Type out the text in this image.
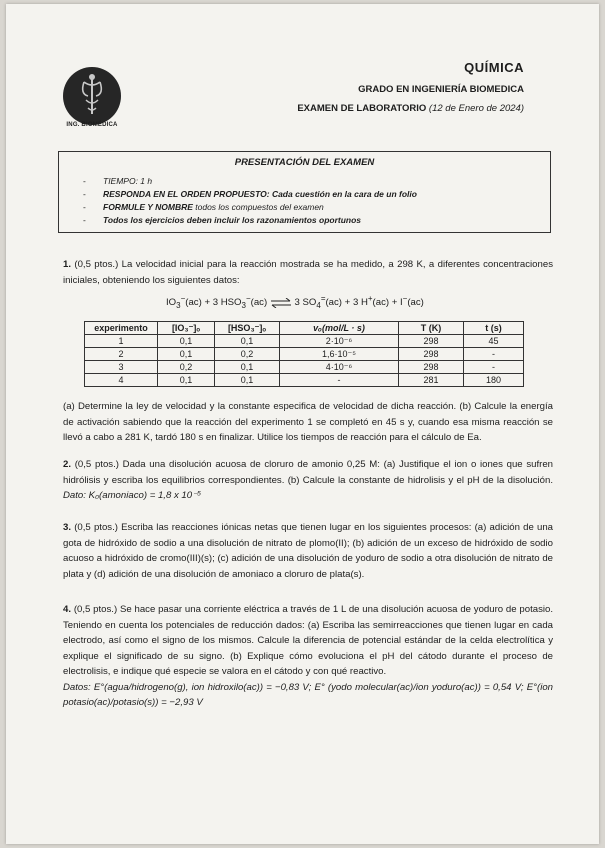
ING. BIOMÉDICA
QUÍMICA
GRADO EN INGENIERÍA BIOMEDICA
EXAMEN DE LABORATORIO (12 de Enero de 2024)
PRESENTACIÓN DEL EXAMEN
- TIEMPO: 1 h
- RESPONDA EN EL ORDEN PROPUESTO: Cada cuestión en la cara de un folio
- FORMULE Y NOMBRE todos los compuestos del examen
- Todos los ejercicios deben incluir los razonamientos oportunos
1. (0,5 ptos.) La velocidad inicial para la reacción mostrada se ha medido, a 298 K, a diferentes concentraciones iniciales, obteniendo los siguientes datos:
$IO_3^-(ac) + 3$ $HSO_3^-(ac)$ ⇌ 3 $SO_4^=(ac) + 3$ H+(ac) + I−(ac)
experimento	[IO₃⁻]ₒ	[HSO₃⁻]ₒ	vₒ(mol/L · s)	T (K)	t (s)
1	0,1	0,1	2·10⁻⁶	298	45
2	0,1	0,2	1,6·10⁻⁵	298	-
3	0,2	0,1	4·10⁻⁶	298	-
4	0,1	0,1	-	281	180
(a) Determine la ley de velocidad y la constante especifica de velocidad de dicha reacción. (b) Calcule la energía de activación sabiendo que la reacción del experimento 1 se completó en 45 s y, cuando esa misma reacción se llevó a cabo a 281 K, tardó 180 s en finalizar. Utilice los tiempos de reacción para el cálculo de Ea.
2. (0,5 ptos.) Dada una disolución acuosa de cloruro de amonio 0,25 M: (a) Justifique el ion o iones que sufren hidrólisis y escriba los equilibrios correspondientes. (b) Calcule la constante de hidrolisis y el pH de la disolución. Dato: K₀(amoniaco) = 1,8 x 10⁻⁵
3. (0,5 ptos.) Escriba las reacciones iónicas netas que tienen lugar en los siguientes procesos: (a) adición de una gota de hidróxido de sodio a una disolución de nitrato de plomo(II); (b) adición de un exceso de hidróxido de sodio acuoso a hidróxido de cromo(III)(s); (c) adición de una disolución de yoduro de sodio a otra disolución de nitrato de plata y (d) adición de una disolución de amoniaco a cloruro de plata(s).
4. (0,5 ptos.) Se hace pasar una corriente eléctrica a través de 1 L de una disolución acuosa de yoduro de potasio. Teniendo en cuenta los potenciales de reducción dados: (a) Escriba las semirreacciones que tienen lugar en cada electrodo, así como el signo de los mismos. Calcule la diferencia de potencial estándar de la celda electrolítica y explique el significado de su signo. (b) Explique cómo evoluciona el pH del cátodo durante el proceso de electrolisis, e indique qué especie se valora en el cátodo y con qué reactivo.
Datos: E°(agua/hidrogeno(g), ion hidroxilo(ac)) = −0,83 V; E° (yodo molecular(ac)/ion yoduro(ac)) = 0,54 V; E°(ion potasio(ac)/potasio(s)) = −2,93 V
